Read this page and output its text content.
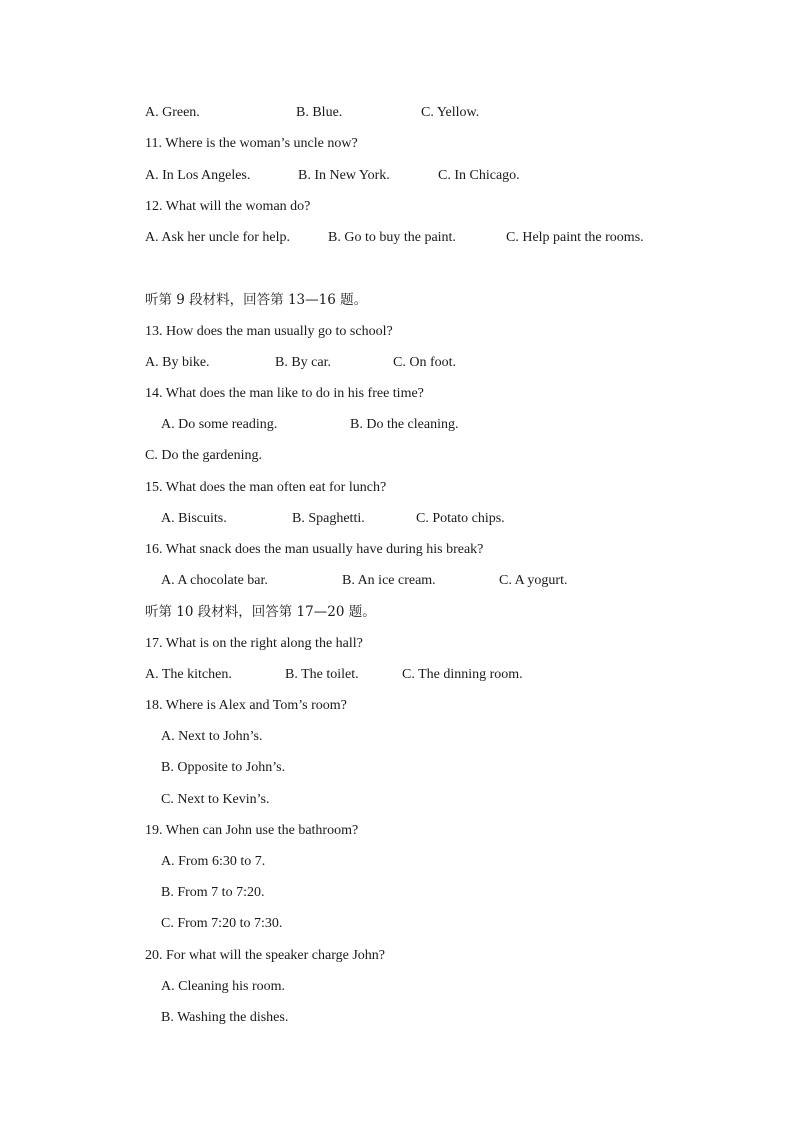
A. Green.	B. Blue.	C. Yellow.
11. Where is the woman’s uncle now?
A. In Los Angeles.	B. In New York.	C. In Chicago.
12. What will the woman do?
A. Ask her uncle for help.	B. Go to buy the paint.	C. Help paint the rooms.
听第 9 段材料，回答第 13—16 题。
13. How does the man usually go to school?
A. By bike.	B. By car.	C. On foot.
14. What does the man like to do in his free time?
A. Do some reading.	B. Do the cleaning.
C. Do the gardening.
15. What does the man often eat for lunch?
A. Biscuits.	B. Spaghetti.	C. Potato chips.
16. What snack does the man usually have during his break?
A. A chocolate bar.	B. An ice cream.	C. A yogurt.
听第 10 段材料，回答第 17—20 题。
17. What is on the right along the hall?
A. The kitchen.	B. The toilet.	C. The dinning room.
18. Where is Alex and Tom’s room?
A. Next to John’s.
B. Opposite to John’s.
C. Next to Kevin’s.
19. When can John use the bathroom?
A. From 6:30 to 7.
B. From 7 to 7:20.
C. From 7:20 to 7:30.
20. For what will the speaker charge John?
A. Cleaning his room.
B. Washing the dishes.
